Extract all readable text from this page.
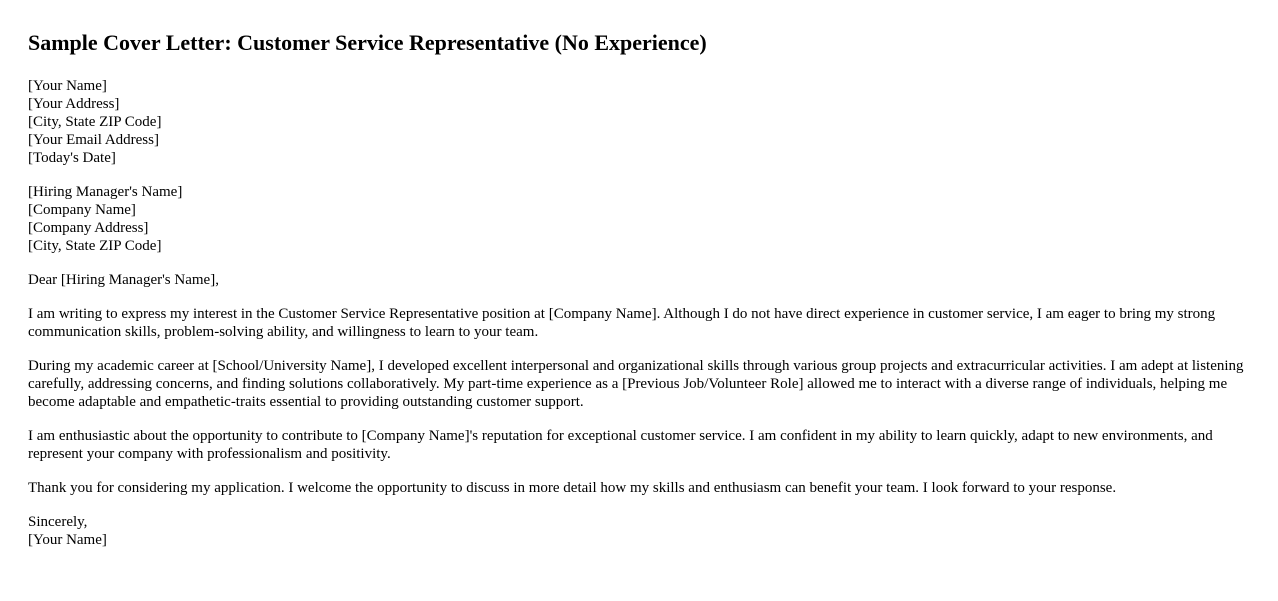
Sample Cover Letter: Customer Service Representative (No Experience)
[Your Name]
[Your Address]
[City, State ZIP Code]
[Your Email Address]
[Today's Date]
[Hiring Manager's Name]
[Company Name]
[Company Address]
[City, State ZIP Code]

Dear [Hiring Manager's Name],

I am writing to express my interest in the Customer Service Representative position at [Company Name]. Although I do not have direct experience in customer service, I am eager to bring my strong communication skills, problem-solving ability, and willingness to learn to your team.

During my academic career at [School/University Name], I developed excellent interpersonal and organizational skills through various group projects and extracurricular activities. I am adept at listening carefully, addressing concerns, and finding solutions collaboratively. My part-time experience as a [Previous Job/Volunteer Role] allowed me to interact with a diverse range of individuals, helping me become adaptable and empathetic-traits essential to providing outstanding customer support.

I am enthusiastic about the opportunity to contribute to [Company Name]'s reputation for exceptional customer service. I am confident in my ability to learn quickly, adapt to new environments, and represent your company with professionalism and positivity.

Thank you for considering my application. I welcome the opportunity to discuss in more detail how my skills and enthusiasm can benefit your team. I look forward to your response.

Sincerely,
[Your Name]
